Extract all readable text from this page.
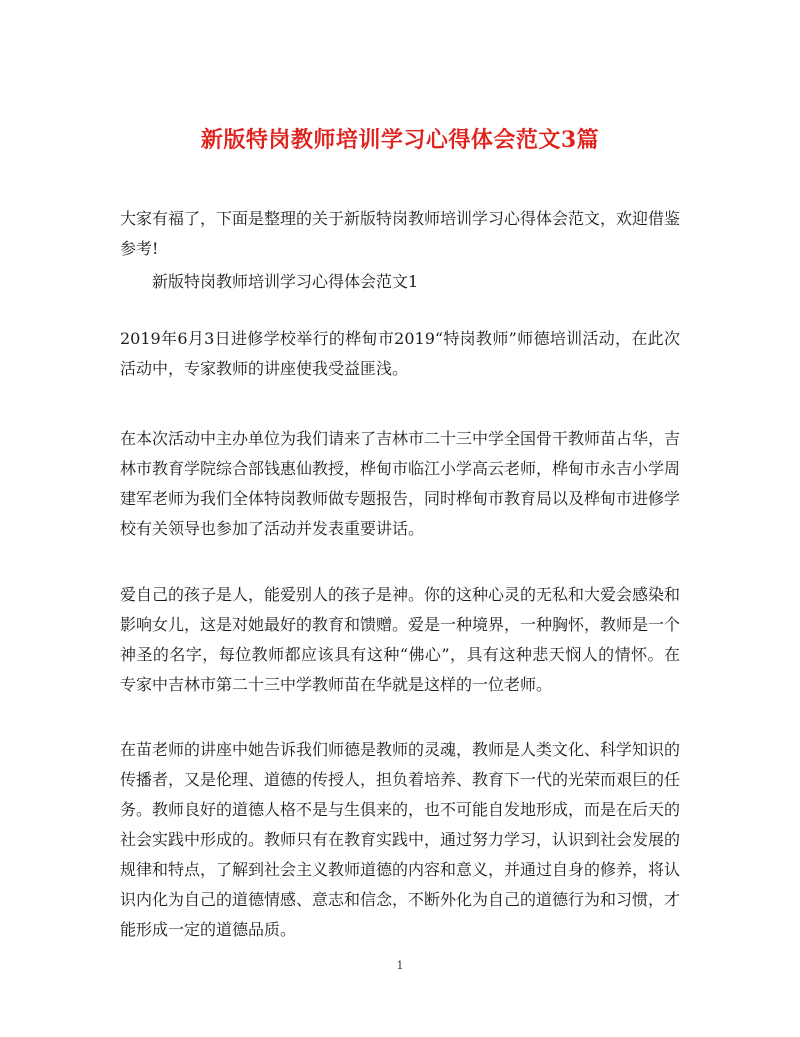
新版特岗教师培训学习心得体会范文3篇

大家有福了，下面是整理的关于新版特岗教师培训学习心得体会范文，欢迎借鉴参考!

新版特岗教师培训学习心得体会范文1

2019年6月3日进修学校举行的桦甸市2019“特岗教师”师德培训活动，在此次活动中，专家教师的讲座使我受益匪浅。

在本次活动中主办单位为我们请来了吉林市二十三中学全国骨干教师苗占华，吉林市教育学院综合部钱惠仙教授，桦甸市临江小学高云老师，桦甸市永吉小学周建军老师为我们全体特岗教师做专题报告，同时桦甸市教育局以及桦甸市进修学校有关领导也参加了活动并发表重要讲话。

爱自己的孩子是人，能爱别人的孩子是神。你的这种心灵的无私和大爱会感染和影响女儿，这是对她最好的教育和馈赠。爱是一种境界，一种胸怀，教师是一个神圣的名字，每位教师都应该具有这种“佛心”，具有这种悲天悯人的情怀。在专家中吉林市第二十三中学教师苗在华就是这样的一位老师。

在苗老师的讲座中她告诉我们师德是教师的灵魂，教师是人类文化、科学知识的传播者，又是伦理、道德的传授人，担负着培养、教育下一代的光荣而艰巨的任务。教师良好的道德人格不是与生俱来的，也不可能自发地形成，而是在后天的社会实践中形成的。教师只有在教育实践中，通过努力学习，认识到社会发展的规律和特点，了解到社会主义教师道德的内容和意义，并通过自身的修养，将认识内化为自己的道德情感、意志和信念，不断外化为自己的道德行为和习惯，才能形成一定的道德品质。

1
